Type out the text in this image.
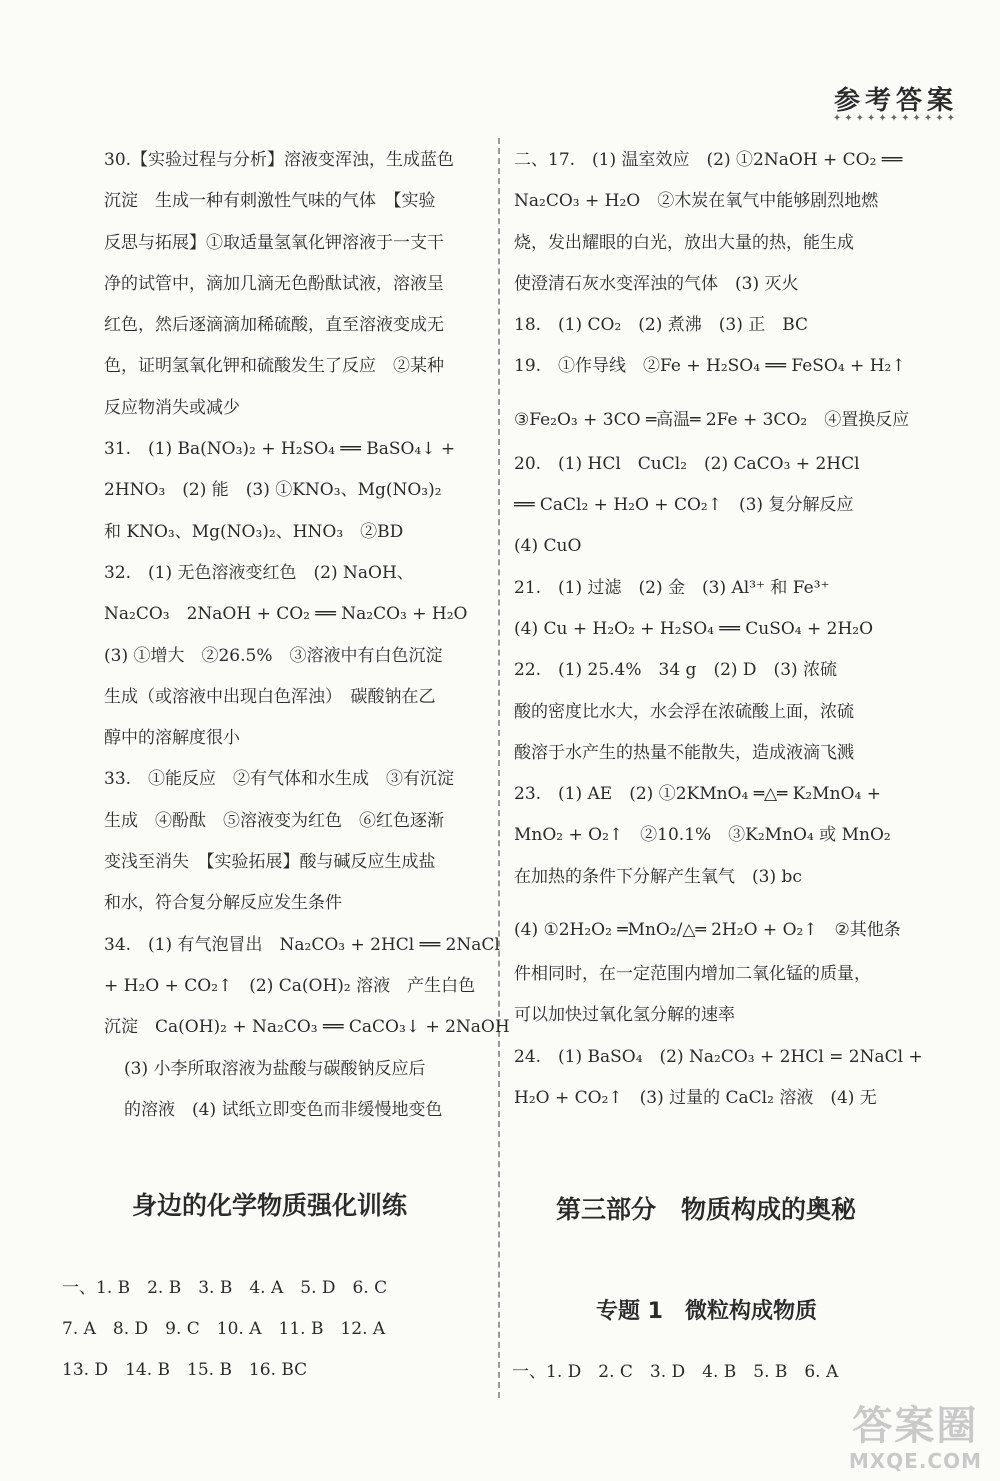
参考答案
✦✦✦✦✦✦✦✦✦✦✦
30.【实验过程与分析】溶液变浑浊，生成蓝色
沉淀　生成一种有刺激性气味的气体　【实验
反思与拓展】①取适量氢氧化钾溶液于一支干
净的试管中，滴加几滴无色酚酞试液，溶液呈
红色，然后逐滴滴加稀硫酸，直至溶液变成无
色，证明氢氧化钾和硫酸发生了反应　②某种
反应物消失或减少
31.　(1) Ba(NO₃)₂ + H₂SO₄ ══ BaSO₄↓ +
2HNO₃　(2) 能　(3) ①KNO₃、Mg(NO₃)₂
和 KNO₃、Mg(NO₃)₂、HNO₃　②BD
32.　(1) 无色溶液变红色　(2) NaOH、
Na₂CO₃　2NaOH + CO₂ ══ Na₂CO₃ + H₂O
(3) ①增大　②26.5%　③溶液中有白色沉淀
生成（或溶液中出现白色浑浊）　碳酸钠在乙
醇中的溶解度很小
33.　①能反应　②有气体和水生成　③有沉淀
生成　④酚酞　⑤溶液变为红色　⑥红色逐渐
变浅至消失　【实验拓展】酸与碱反应生成盐
和水，符合复分解反应发生条件
34.　(1) 有气泡冒出　Na₂CO₃ + 2HCl ══ 2NaCl
+ H₂O + CO₂↑　(2) Ca(OH)₂ 溶液　产生白色
沉淀　Ca(OH)₂ + Na₂CO₃ ══ CaCO₃↓ + 2NaOH
(3) 小李所取溶液为盐酸与碳酸钠反应后
的溶液　(4) 试纸立即变色而非缓慢地变色
二、17.　(1) 温室效应　(2) ①2NaOH + CO₂ ══
Na₂CO₃ + H₂O　②木炭在氧气中能够剧烈地燃
烧，发出耀眼的白光，放出大量的热，能生成
使澄清石灰水变浑浊的气体　(3) 灭火
18.　(1) CO₂　(2) 煮沸　(3) 正　BC
19.　①作导线　②Fe + H₂SO₄ ══ FeSO₄ + H₂↑
③Fe₂O₃ + 3CO ═高温═ 2Fe + 3CO₂　④置换反应
20.　(1) HCl　CuCl₂　(2) CaCO₃ + 2HCl
══ CaCl₂ + H₂O + CO₂↑　(3) 复分解反应
(4) CuO
21.　(1) 过滤　(2) 金　(3) Al³⁺ 和 Fe³⁺
(4) Cu + H₂O₂ + H₂SO₄ ══ CuSO₄ + 2H₂O
22.　(1) 25.4%　34 g　(2) D　(3) 浓硫
酸的密度比水大，水会浮在浓硫酸上面，浓硫
酸溶于水产生的热量不能散失，造成液滴飞溅
23.　(1) AE　(2) ①2KMnO₄ ═△═ K₂MnO₄ +
MnO₂ + O₂↑　②10.1%　③K₂MnO₄ 或 MnO₂
在加热的条件下分解产生氧气　(3) bc
(4) ①2H₂O₂ ═MnO₂/△═ 2H₂O + O₂↑　②其他条
件相同时，在一定范围内增加二氧化锰的质量，
可以加快过氧化氢分解的速率
24.　(1) BaSO₄　(2) Na₂CO₃ + 2HCl = 2NaCl +
H₂O + CO₂↑　(3) 过量的 CaCl₂ 溶液　(4) 无
身边的化学物质强化训练
一、1. B　2. B　3. B　4. A　5. D　6. C
7. A　8. D　9. C　10. A　11. B　12. A
13. D　14. B　15. B　16. BC
第三部分　物质构成的奥秘
专题 1　微粒构成物质
一、1. D　2. C　3. D　4. B　5. B　6. A
答案圈
MXQE.COM
